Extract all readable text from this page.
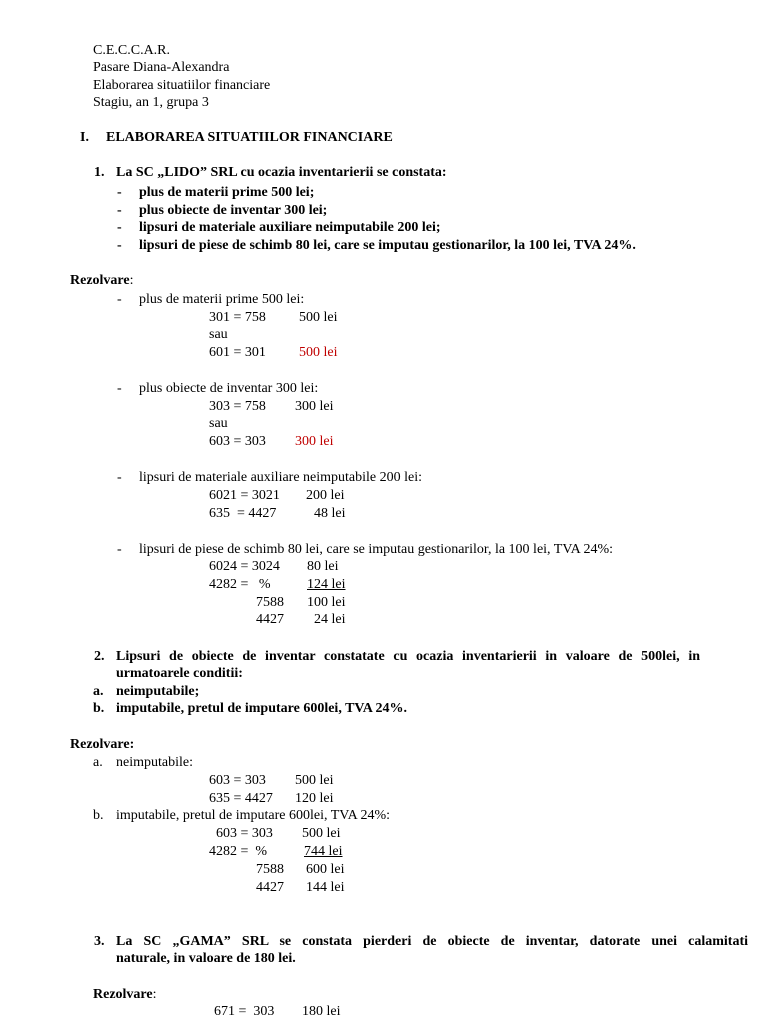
C.E.C.C.A.R.
Pasare Diana-Alexandra
Elaborarea situatiilor financiare
Stagiu, an 1, grupa 3
I. ELABORAREA SITUATIILOR FINANCIARE
1. La SC „LIDO” SRL cu ocazia inventarierii se constata:
- plus de materii prime 500 lei;
- plus obiecte de inventar 300 lei;
- lipsuri de materiale auxiliare neimputabile 200 lei;
- lipsuri de piese de schimb 80 lei, care se imputau gestionarilor, la 100 lei, TVA 24%.
Rezolvare:
- plus de materii prime 500 lei:
301 = 758 500 lei
sau
601 = 301 500 lei
- plus obiecte de inventar 300 lei:
303 = 758 300 lei
sau
603 = 303 300 lei
- lipsuri de materiale auxiliare neimputabile 200 lei:
6021 = 3021 200 lei
635  = 4427	48 lei
- lipsuri de piese de schimb 80 lei, care se imputau gestionarilor, la 100 lei, TVA 24%:
6024 = 3024 80 lei
4282 =   %	124 lei
7588 100 lei
4427 24 lei
2. Lipsuri de obiecte de inventar constatate cu ocazia inventarierii in valoare de 500lei, in
urmatoarele conditii:
a. neimputabile;
b. imputabile, pretul de imputare 600lei, TVA 24%.
Rezolvare:
a. neimputabile:
603 = 303 500 lei
635 = 4427 120 lei
b. imputabile, pretul de imputare 600lei, TVA 24%:
603 = 303 500 lei
4282 =  %	744 lei
7588 600 lei
4427 144 lei
3. La SC „GAMA” SRL se constata pierderi de obiecte de inventar, datorate unei calamitati
naturale, in valoare de 180 lei.
Rezolvare:
671 =  303 180 lei
